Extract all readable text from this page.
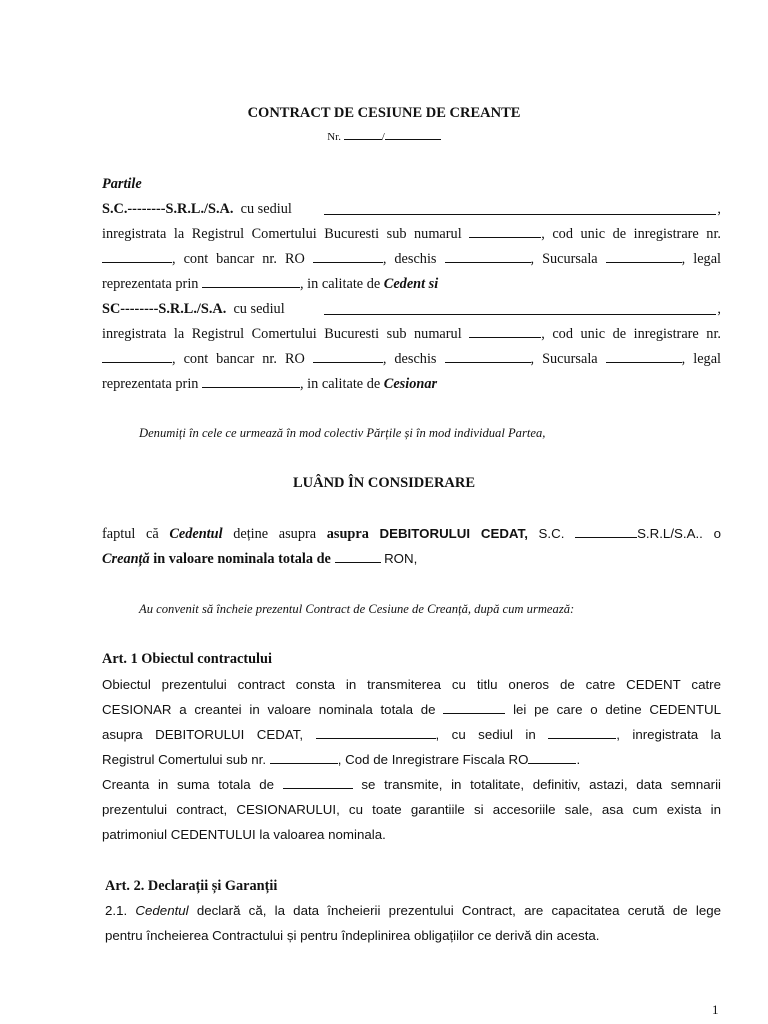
CONTRACT DE CESIUNE DE CREANTE
Nr.	/
Partile
S.C.--------S.R.L./S.A. cu sediul	,
inregistrata la Registrul Comertului Bucuresti sub numarul	, cod unic de inregistrare nr.
, cont bancar nr. RO	, deschis	, Sucursala	, legal
reprezentata prin	, in calitate de Cedent si
SC--------S.R.L./S.A. cu sediul	,
inregistrata la Registrul Comertului Bucuresti sub numarul	, cod unic de inregistrare nr.
, cont bancar nr. RO	, deschis	, Sucursala	, legal
reprezentata prin	, in calitate de Cesionar
Denumiți în cele ce urmează în mod colectiv Părțile și în mod individual Partea,
LUÂND ÎN CONSIDERARE
faptul că Cedentul deține asupra asupra DEBITORULUI CEDAT, S.C.	S.R.L/S.A.. o
Creanță in valoare nominala totala de	RON,
Au convenit să încheie prezentul Contract de Cesiune de Creanță, după cum urmează:
Art. 1 Obiectul contractului
Obiectul prezentului contract consta in transmiterea cu titlu oneros de catre CEDENT catre
CESIONAR a creantei in valoare nominala totala de	lei pe care o detine CEDENTUL
asupra DEBITORULUI CEDAT,	, cu sediul in	, inregistrata la
Registrul Comertului sub nr.	, Cod de Inregistrare Fiscala RO	.
Creanta in suma totala de	se transmite, in totalitate, definitiv, astazi, data semnarii
prezentului contract, CESIONARULUI, cu toate garantiile si accesoriile sale, asa cum exista in
patrimoniul CEDENTULUI la valoarea nominala.
Art. 2. Declarații și Garanții
2.1. Cedentul declară că, la data încheierii prezentului Contract, are capacitatea cerută de lege
pentru încheierea Contractului și pentru îndeplinirea obligațiilor ce derivă din acesta.
1
